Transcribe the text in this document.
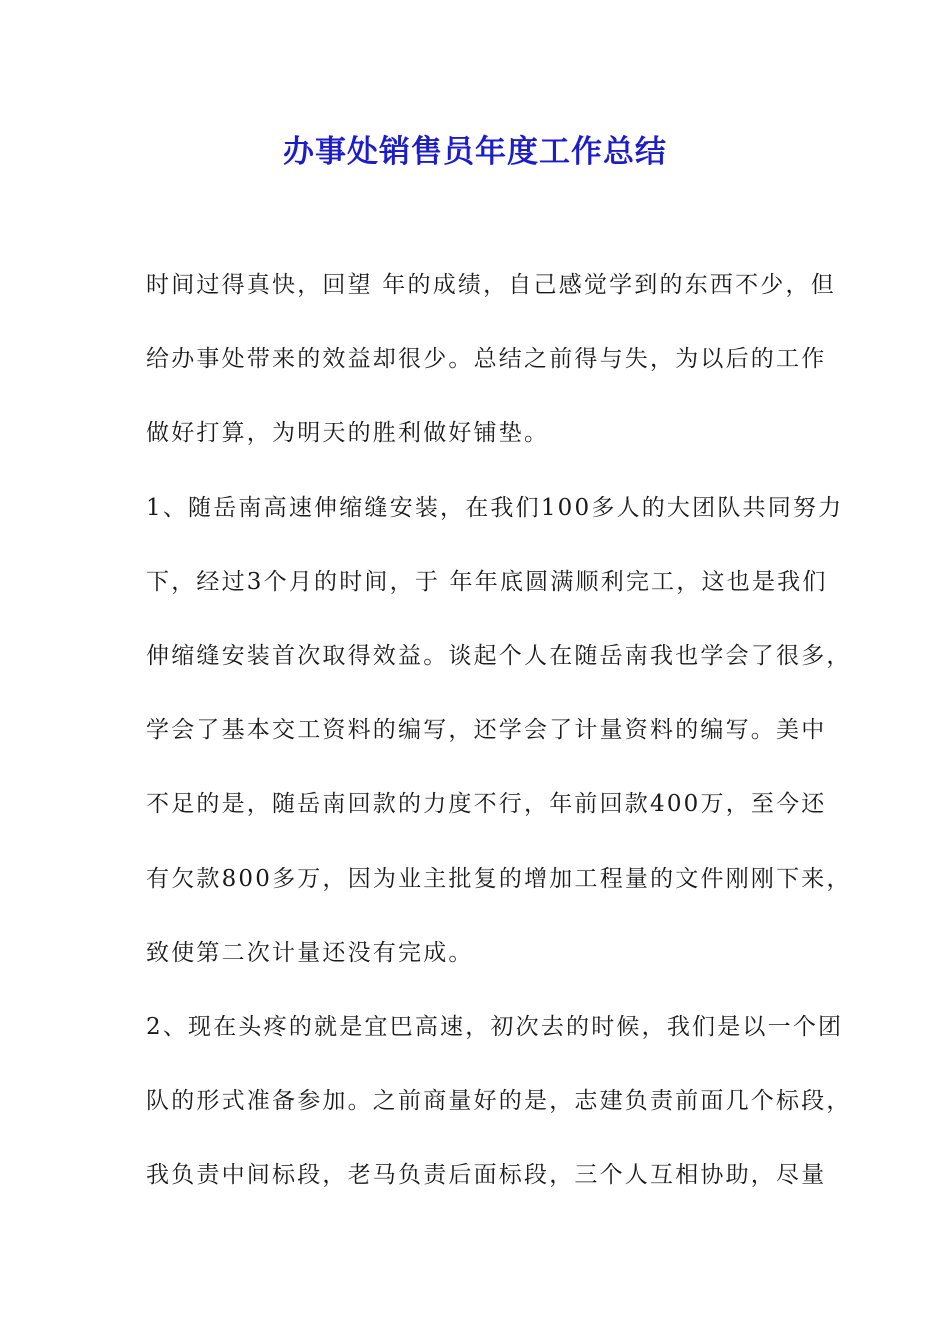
办事处销售员年度工作总结
时间过得真快，回望 年的成绩，自己感觉学到的东西不少，但
给办事处带来的效益却很少。总结之前得与失，为以后的工作
做好打算，为明天的胜利做好铺垫。
1、随岳南高速伸缩缝安装，在我们100多人的大团队共同努力
下，经过3个月的时间，于 年年底圆满顺利完工，这也是我们
伸缩缝安装首次取得效益。谈起个人在随岳南我也学会了很多，
学会了基本交工资料的编写，还学会了计量资料的编写。美中
不足的是，随岳南回款的力度不行，年前回款400万，至今还
有欠款800多万，因为业主批复的增加工程量的文件刚刚下来，
致使第二次计量还没有完成。
2、现在头疼的就是宜巴高速，初次去的时候，我们是以一个团
队的形式准备参加。之前商量好的是，志建负责前面几个标段，
我负责中间标段，老马负责后面标段，三个人互相协助，尽量
